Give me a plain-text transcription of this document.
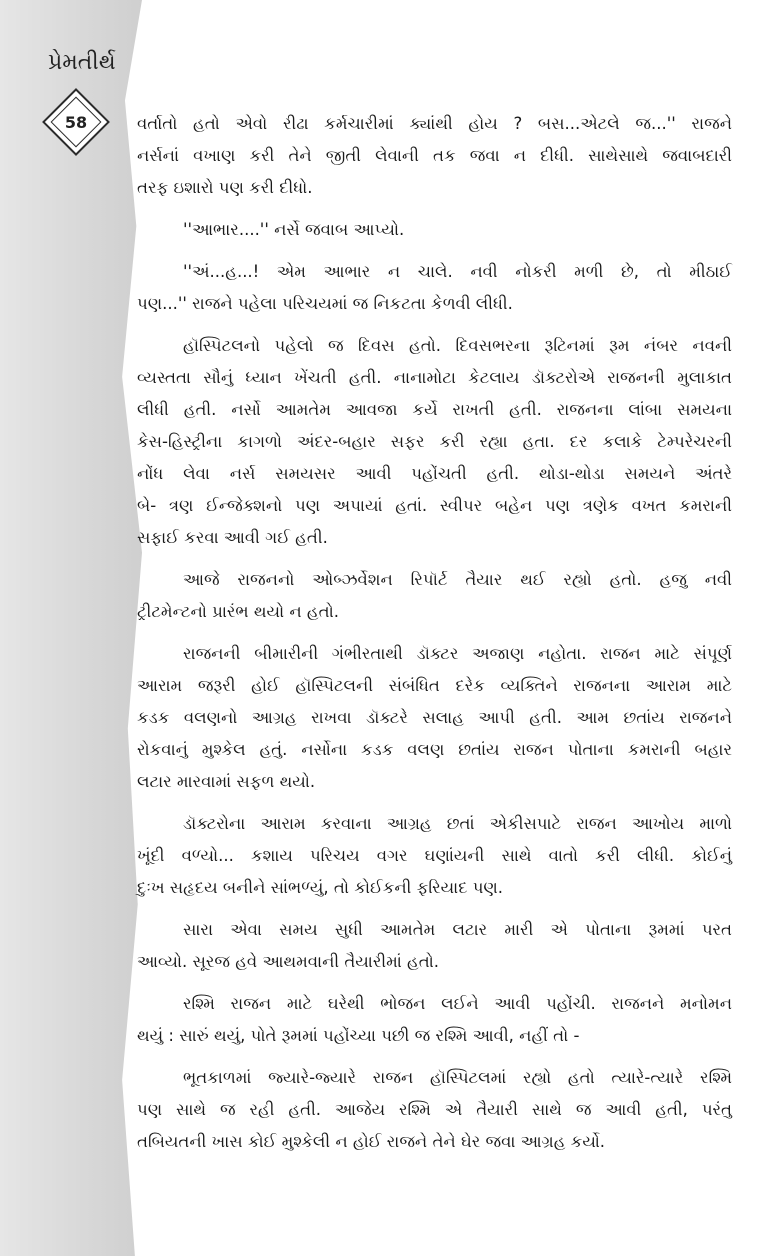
પ્રેમતીર્થ
58	વર્તાતો હતો એવો રીઢા કર્મચારીમાં ક્યાંથી હોય ? બસ...એટલે જ...'' રાજને
નર્સનાં વખાણ કરી તેને જીતી લેવાની તક જવા ન દીધી. સાથેસાથે જવાબદારી
તરફ ઇશારો પણ કરી દીધો.
''આભાર....'' નર્સે જવાબ આપ્યો.
''અં...હ...! એમ આભાર ન ચાલે. નવી નોકરી મળી છે, તો મીઠાઈ
પણ...'' રાજને પહેલા પરિચયમાં જ નિકટતા કેળવી લીધી.
હૉસ્પિટલનો પહેલો જ દિવસ હતો. દિવસભરના રૂટિનમાં રૂમ નંબર નવની
વ્યસ્તતા સૌનું ધ્યાન ખેંચતી હતી. નાનામોટા કેટલાય ડૉક્ટરોએ રાજનની મુલાકાત
લીધી હતી. નર્સો આમતેમ આવજા કર્યે રાખતી હતી. રાજનના લાંબા સમયના
કેસ-હિસ્ટ્રીના કાગળો અંદર-બહાર સફર કરી રહ્યા હતા. દર કલાકે ટેમ્પરેચરની
નોંધ લેવા નર્સ સમયસર આવી પહોંચતી હતી. થોડા-થોડા સમયને અંતરે
બે- ત્રણ ઈન્જેક્શનો પણ અપાયાં હતાં. સ્વીપર બહેન પણ ત્રણેક વખત કમરાની
સફાઈ કરવા આવી ગઈ હતી.
આજે રાજનનો ઓબ્ઝર્વેશન રિપૉર્ટ તૈયાર થઈ રહ્યો હતો. હજુ નવી
ટ્રીટમેન્ટનો પ્રારંભ થયો ન હતો.
રાજનની બીમારીની ગંભીરતાથી ડૉક્ટર અજાણ નહોતા. રાજન માટે સંપૂર્ણ
આરામ જરૂરી હોઈ હૉસ્પિટલની સંબંધિત દરેક વ્યક્તિને રાજનના આરામ માટે
કડક વલણનો આગ્રહ રાખવા ડૉક્ટરે સલાહ આપી હતી. આમ છતાંય રાજનને
રોકવાનું મુશ્કેલ હતું. નર્સોના કડક વલણ છતાંય રાજન પોતાના કમરાની બહાર
લટાર મારવામાં સફળ થયો.
ડૉક્ટરોના આરામ કરવાના આગ્રહ છતાં એકીસપાટે રાજન આખોય માળો
ખૂંદી વળ્યો... કશાય પરિચય વગર ઘણાંયની સાથે વાતો કરી લીધી. કોઈનું
દુઃખ સહૃદય બનીને સાંભળ્યું, તો કોઈકની ફરિયાદ પણ.
સારા એવા સમય સુધી આમતેમ લટાર મારી એ પોતાના રૂમમાં પરત
આવ્યો. સૂરજ હવે આથમવાની તૈયારીમાં હતો.
રશ્મિ રાજન માટે ઘરેથી ભોજન લઈને આવી પહોંચી. રાજનને મનોમન
થયું : સારું થયું, પોતે રૂમમાં પહોંચ્યા પછી જ રશ્મિ આવી, નહીં તો -
ભૂતકાળમાં જ્યારે-જ્યારે રાજન હૉસ્પિટલમાં રહ્યો હતો ત્યારે-ત્યારે રશ્મિ
પણ સાથે જ રહી હતી. આજેય રશ્મિ એ તૈયારી સાથે જ આવી હતી, પરંતુ
તબિયતની ખાસ કોઈ મુશ્કેલી ન હોઈ રાજને તેને ઘેર જવા આગ્રહ કર્યો.
